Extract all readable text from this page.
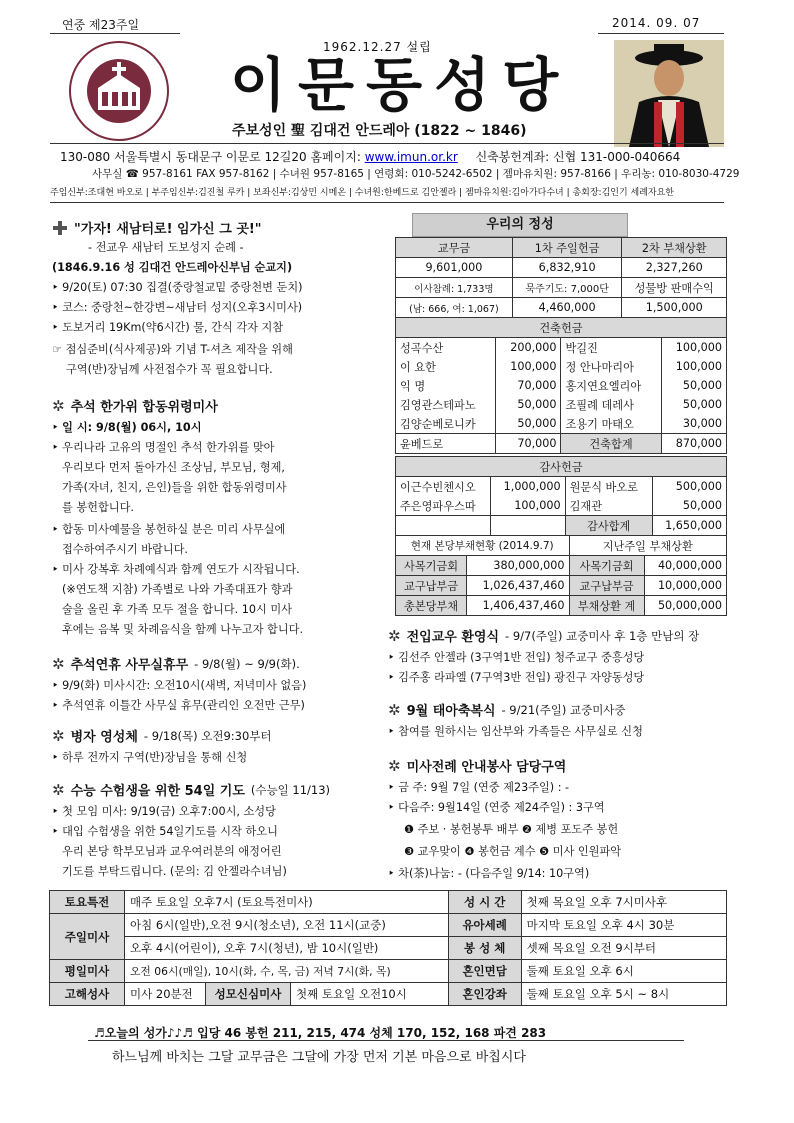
연중 제23주일	2014. 09. 07
1962.12.27 설립
이문동성당
주보성인 聖 김대건 안드레아 (1822 ~ 1846)
130-080 서울특별시 동대문구 이문로 12길20 홈페이지: www.imun.or.kr 신축봉헌계좌: 신협 131-000-040664
사무실 ☎ 957-8161 FAX 957-8162 | 수녀원 957-8165 | 연령회: 010-5242-6502 | 젬마유치원: 957-8166 | 우리농: 010-8030-4729
주임신부:조대현 바오로 | 부주임신부:김진철 루카 | 보좌신부:김상민 시메온 | 수녀원:한베드로 김안젤라 | 젬마유치원:김아가다수녀 | 총회장:김인기 세례자요한
"가자! 새남터로! 임가신 그 곳!"
- 전교우 새남터 도보성지 순례 -
(1846.9.16 성 김대건 안드레아신부님 순교지)
‣ 9/20(토) 07:30 집결(중랑철교밑 중랑천변 둔치)
‣ 코스: 중랑천~한강변~새남터 성지(오후3시미사)
‣ 도보거리 19Km(약6시간) 물, 간식 각자 지참
☞ 점심준비(식사제공)와 기념 T-셔츠 제작을 위해
구역(반)장님께 사전접수가 꼭 필요합니다.
✲ 추석 한가위 합동위령미사
‣ 일 시: 9/8(월) 06시, 10시
‣ 우리나라 고유의 명절인 추석 한가위를 맞아
우리보다 먼저 돌아가신 조상님, 부모님, 형제,
가족(자녀, 친지, 은인)들을 위한 합동위령미사
를 봉헌합니다.
‣ 합동 미사예물을 봉헌하실 분은 미리 사무실에
접수하여주시기 바랍니다.
‣ 미사 강복후 차례예식과 함께 연도가 시작됩니다.
(※연도책 지참) 가족별로 나와 가족대표가 향과
술을 올린 후 가족 모두 절을 합니다. 10시 미사
후에는 음복 및 차례음식을 함께 나누고자 합니다.
✲ 추석연휴 사무실휴무 - 9/8(월) ~ 9/9(화).
‣ 9/9(화) 미사시간: 오전10시(새벽, 저녁미사 없음)
‣ 추석연휴 이틀간 사무실 휴무(관리인 오전만 근무)
✲ 병자 영성체 - 9/18(목) 오전9:30부터
‣ 하루 전까지 구역(반)장님을 통해 신청
✲ 수능 수험생을 위한 54일 기도 (수능일 11/13)
‣ 첫 모임 미사: 9/19(금) 오후7:00시, 소성당
‣ 대입 수험생을 위한 54일기도를 시작 하오니
우리 본당 학부모님과 교우여러분의 애정어린
기도를 부탁드립니다. (문의: 김 안젤라수녀님)
우리의 정성
교무금	1차 주일헌금	2차 부채상환
9,601,000	6,832,910	2,327,260
이사참례: 1,733명	묵주기도: 7,000단	성물방 판매수익
(남: 666, 여: 1,067)	4,460,000	1,500,000
건축헌금			
성곡수산	200,000	박길진	100,000
이 요한	100,000	정 안나마리아	100,000
익 명	70,000	홍지연요엘리아	50,000
김영관스테파노	50,000	조필례 데레사	50,000
김양순베로니카	50,000	조용기 마태오	30,000
윤베드로	70,000	건축합계	870,000
감사헌금			
이근수빈첸시오	1,000,000	원문식 바오로	500,000
주은영파우스따	100,000	김재관	50,000
		감사합계	1,650,000
현재 본당부채현황 (2014.9.7)		지난주일 부채상환	
사목기금회	380,000,000	사목기금회	40,000,000
교구납부금	1,026,437,460	교구납부금	10,000,000
총본당부채	1,406,437,460	부채상환 계	50,000,000
✲ 전입교우 환영식 - 9/7(주일) 교중미사 후 1층 만남의 장
‣ 김선주 안젤라 (3구역1반 전입) 청주교구 중흥성당
‣ 김주홍 라파엘 (7구역3반 전입) 광진구 자양동성당
✲ 9월 태아축복식 - 9/21(주일) 교중미사중
‣ 참여를 원하시는 임산부와 가족들은 사무실로 신청
✲ 미사전례 안내봉사 담당구역
‣ 금 주: 9월 7일 (연중 제23주일) : -
‣ 다음주: 9월14일 (연중 제24주일) : 3구역
❶ 주보 · 봉헌봉투 배부 ❷ 제병 포도주 봉헌
❸ 교우맞이 ❹ 봉헌금 계수 ❺ 미사 인원파악
‣ 차(茶)나눔: - (다음주일 9/14: 10구역)
토요특전	매주 토요일 오후7시 (토요특전미사)			성 시 간	첫째 목요일 오후 7시미사후
주일미사	아침 6시(일반),오전 9시(청소년), 오전 11시(교중)			유아세례	마지막 토요일 오후 4시 30분
	오후 4시(어린이), 오후 7시(청년), 밤 10시(일반)			봉 성 체	셋째 목요일 오전 9시부터
평일미사	오전 06시(매일), 10시(화, 수, 목, 금) 저녁 7시(화, 목)			혼인면담	둘째 토요일 오후 6시
고해성사	미사 20분전	성모신심미사	첫째 토요일 오전10시	혼인강좌	둘째 토요일 오후 5시 ~ 8시
♬오늘의 성가♪♪♬ 입당 46 봉헌 211, 215, 474 성체 170, 152, 168 파견 283
하느님께 바치는 그달 교무금은 그달에 가장 먼저 기본 마음으로 바칩시다
